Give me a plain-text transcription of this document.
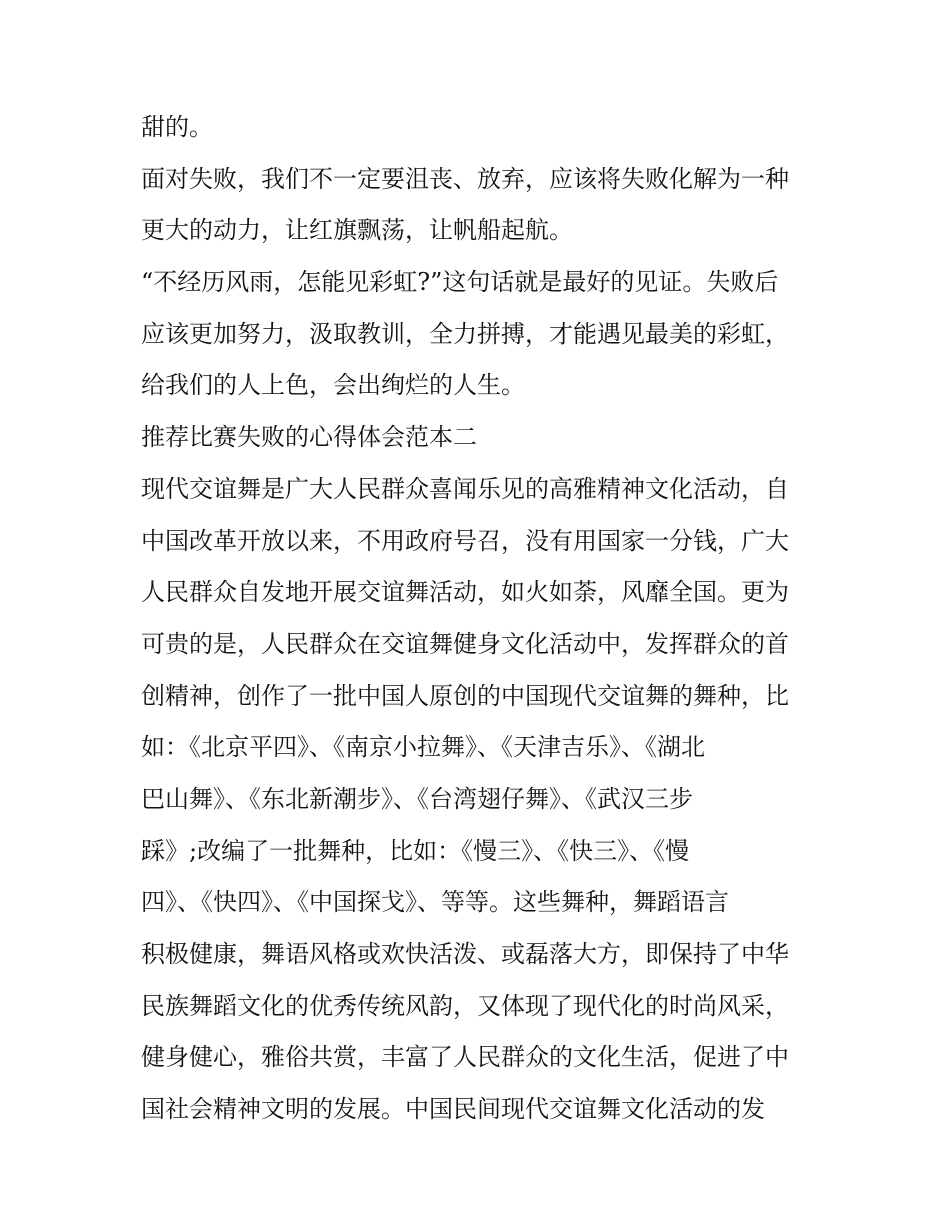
甜的。

面对失败，我们不一定要沮丧、放弃，应该将失败化解为一种

更大的动力，让红旗飘荡，让帆船起航。

“不经历风雨，怎能见彩虹?”这句话就是最好的见证。失败后

应该更加努力，汲取教训，全力拼搏，才能遇见最美的彩虹，

给我们的人上色，会出绚烂的人生。

推荐比赛失败的心得体会范本二

现代交谊舞是广大人民群众喜闻乐见的高雅精神文化活动，自

中国改革开放以来，不用政府号召，没有用国家一分钱，广大

人民群众自发地开展交谊舞活动，如火如荼，风靡全国。更为

可贵的是，人民群众在交谊舞健身文化活动中，发挥群众的首

创精神，创作了一批中国人原创的中国现代交谊舞的舞种，比

如：《北京平四》、《南京小拉舞》、《天津吉乐》、《湖北

巴山舞》、《东北新潮步》、《台湾翅仔舞》、《武汉三步

踩》;改编了一批舞种，比如：《慢三》、《快三》、《慢

四》、《快四》、《中国探戈》、等等。这些舞种，舞蹈语言

积极健康，舞语风格或欢快活泼、或磊落大方，即保持了中华

民族舞蹈文化的优秀传统风韵，又体现了现代化的时尚风采，

健身健心，雅俗共赏，丰富了人民群众的文化生活，促进了中

国社会精神文明的发展。中国民间现代交谊舞文化活动的发
